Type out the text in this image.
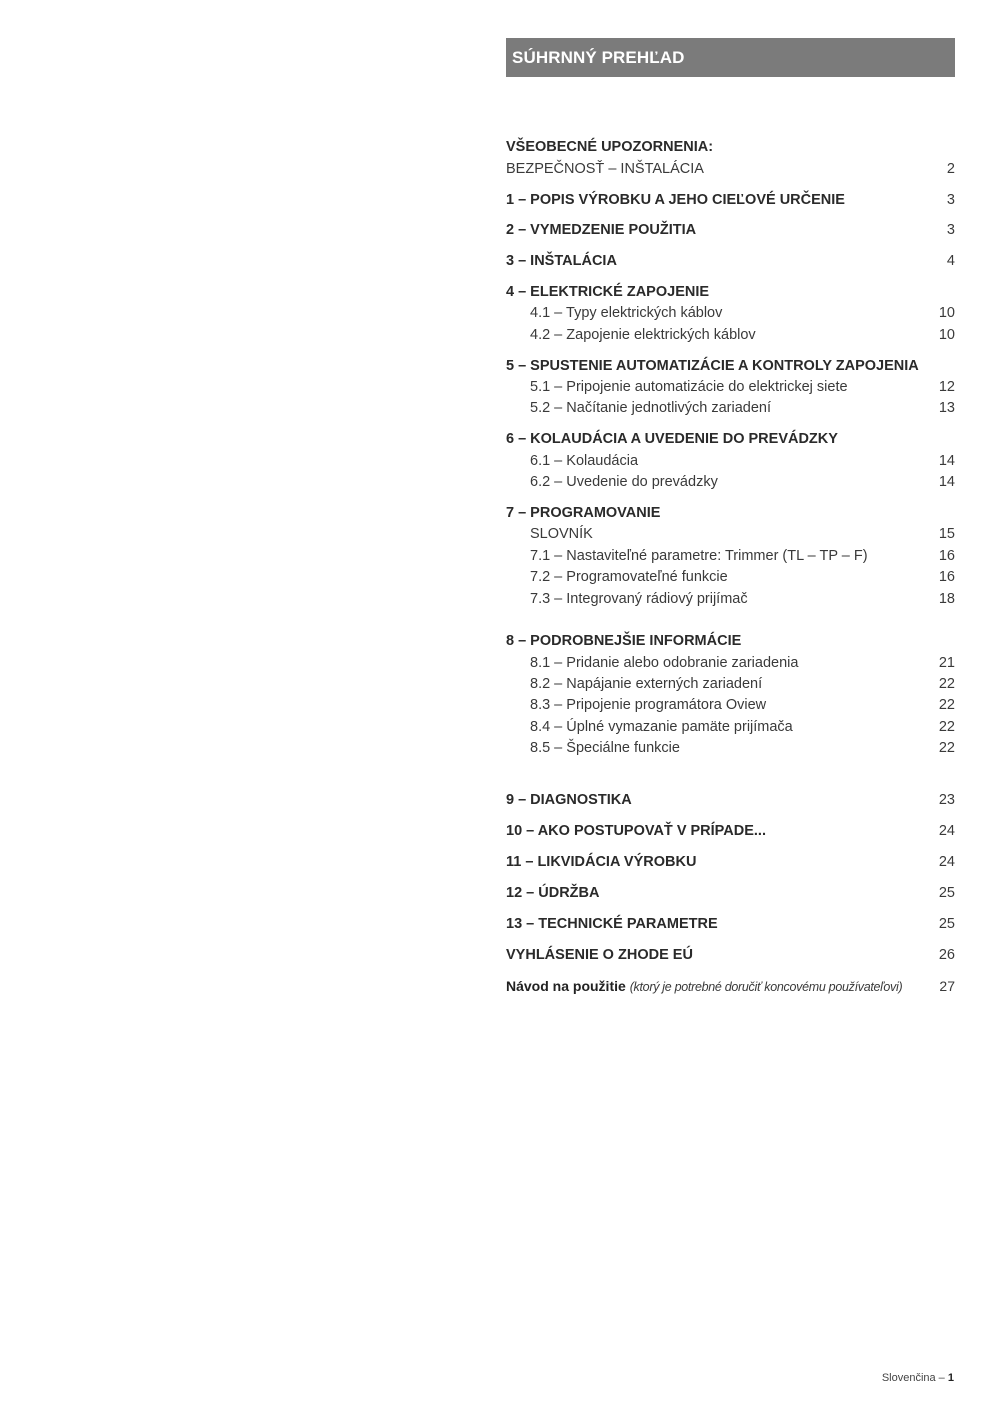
SÚHRNNÝ PREHĽAD
VŠEOBECNÉ UPOZORNENIA:
BEZPEČNOSŤ – INŠTALÁCIA	2
1 – POPIS VÝROBKU A JEHO CIEĽOVÉ URČENIE	3
2 – VYMEDZENIE POUŽITIA	3
3 – INŠTALÁCIA	4
4 – ELEKTRICKÉ ZAPOJENIE
4.1 – Typy elektrických káblov	10
4.2 – Zapojenie elektrických káblov	10
5 – SPUSTENIE AUTOMATIZÁCIE A KONTROLY ZAPOJENIA
5.1 – Pripojenie automatizácie do elektrickej siete	12
5.2 – Načítanie jednotlivých zariadení	13
6 – KOLAUDÁCIA A UVEDENIE DO PREVÁDZKY
6.1 – Kolaudácia	14
6.2 – Uvedenie do prevádzky	14
7 – PROGRAMOVANIE
SLOVNÍK	15
7.1 – Nastaviteľné parametre: Trimmer (TL – TP – F)	16
7.2 – Programovateľné funkcie	16
7.3 – Integrovaný rádiový prijímač	18
8 – PODROBNEJŠIE INFORMÁCIE
8.1 – Pridanie alebo odobranie zariadenia	21
8.2 – Napájanie externých zariadení	22
8.3 – Pripojenie programátora Oview	22
8.4 – Úplné vymazanie pamäte prijímača	22
8.5 – Špeciálne funkcie	22
9 – DIAGNOSTIKA	23
10 – AKO POSTUPOVAŤ V PRÍPADE...	24
11 – LIKVIDÁCIA VÝROBKU	24
12 – ÚDRŽBA	25
13 – TECHNICKÉ PARAMETRE	25
VYHLÁSENIE O ZHODE EÚ	26
Návod na použitie (ktorý je potrebné doručiť koncovému používateľovi)	27
Slovenčina – 1
